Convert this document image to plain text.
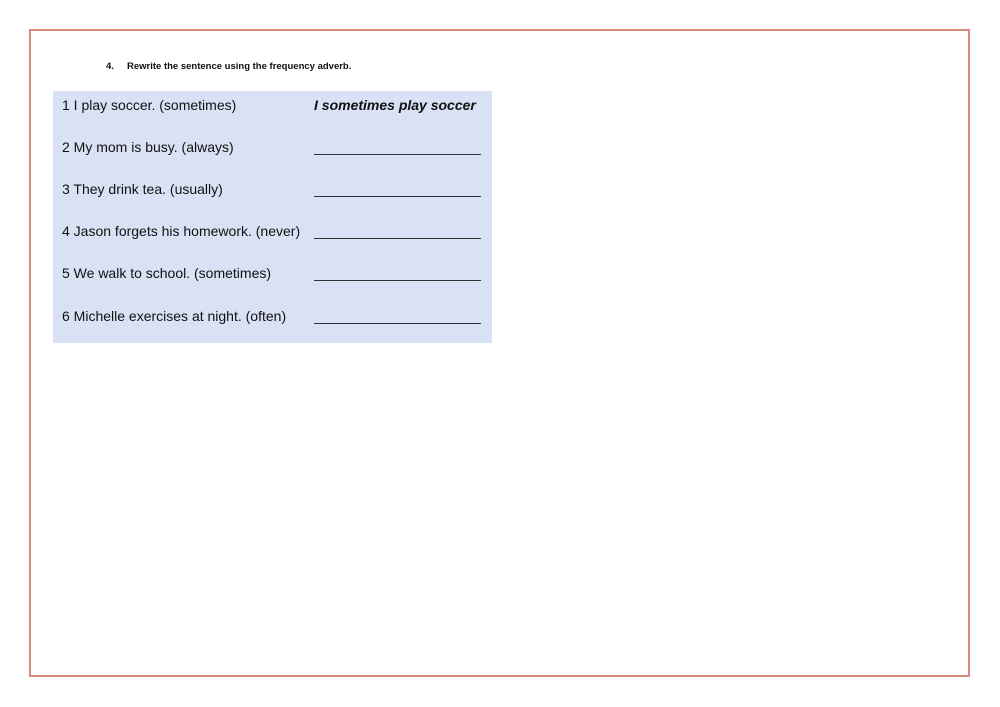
4. Rewrite the sentence using the frequency adverb.
1 I play soccer. (sometimes)	I sometimes play soccer
2 My mom is busy. (always)
3 They drink tea. (usually)
4 Jason forgets his homework. (never)
5 We walk to school. (sometimes)
6 Michelle exercises at night. (often)
